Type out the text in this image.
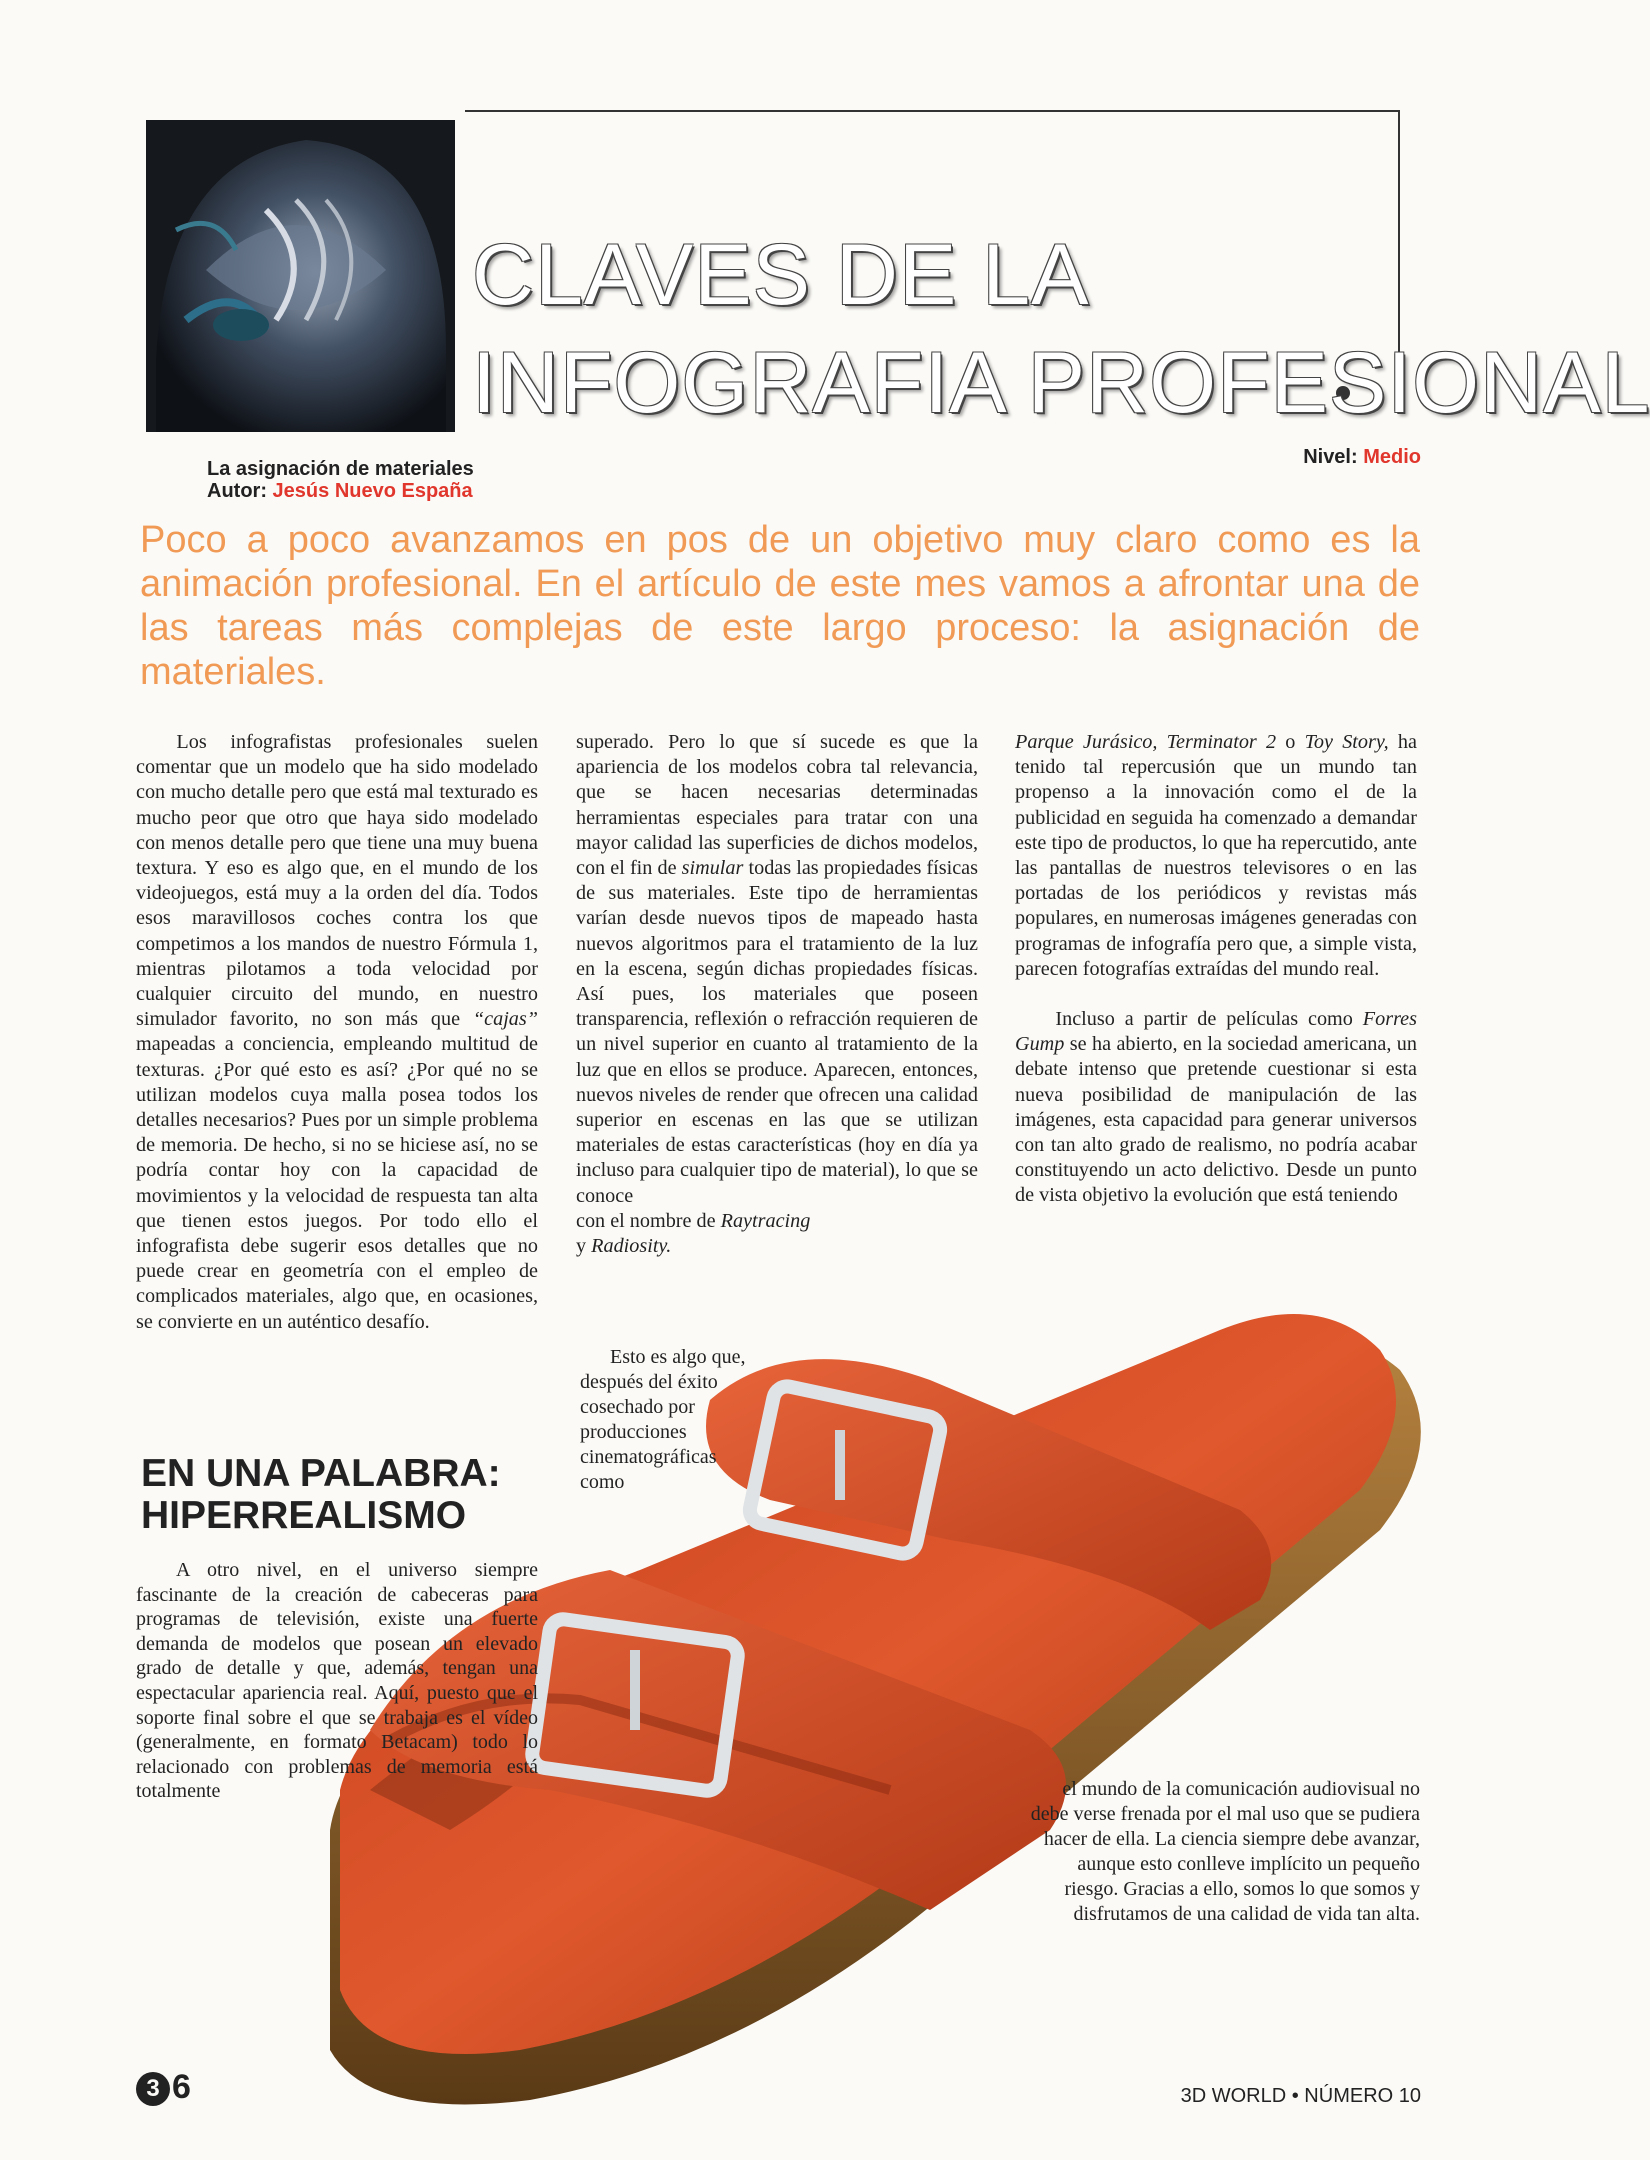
CLAVES DE LA
INFOGRAFIA PROFESIONAL
La asignación de materiales
Autor: Jesús Nuevo España
Nivel: Medio
Poco a poco avanzamos en pos de un objetivo muy claro como es la animación profesional. En el artículo de este mes vamos a afrontar una de las tareas más complejas de este largo proceso: la asignación de materiales.

Los infografistas profesionales suelen comentar que un modelo que ha sido modelado con mucho detalle pero que está mal texturado es mucho peor que otro que haya sido modelado con menos detalle pero que tiene una muy buena textura. Y eso es algo que, en el mundo de los videojuegos, está muy a la orden del día. Todos esos maravillosos coches contra los que competimos a los mandos de nuestro Fórmula 1, mientras pilotamos a toda velocidad por cualquier circuito del mundo, en nuestro simulador favorito, no son más que “cajas” mapeadas a conciencia, empleando multitud de texturas. ¿Por qué esto es así? ¿Por qué no se utilizan modelos cuya malla posea todos los detalles necesarios? Pues por un simple problema de memoria. De hecho, si no se hiciese así, no se podría contar hoy con la capacidad de movimientos y la velocidad de respuesta tan alta que tienen estos juegos. Por todo ello el infografista debe sugerir esos detalles que no puede crear en geometría con el empleo de complicados materiales, algo que, en ocasiones, se convierte en un auténtico desafío.

EN UNA PALABRA:
HIPERREALISMO
A otro nivel, en el universo siempre fascinante de la creación de cabeceras para programas de televisión, existe una fuerte demanda de modelos que posean un elevado grado de detalle y que, además, tengan una espectacular apariencia real. Aquí, puesto que el soporte final sobre el que se trabaja es el vídeo (generalmente, en formato Betacam) todo lo relacionado con problemas de memoria está totalmente

superado. Pero lo que sí sucede es que la apariencia de los modelos cobra tal relevancia, que se hacen necesarias determinadas herramientas especiales para tratar con una mayor calidad las superficies de dichos modelos, con el fin de simular todas las propiedades físicas de sus materiales. Este tipo de herramientas varían desde nuevos tipos de mapeado hasta nuevos algoritmos para el tratamiento de la luz en la escena, según dichas propiedades físicas. Así pues, los materiales que poseen transparencia, reflexión o refracción requieren de un nivel superior en cuanto al tratamiento de la luz que en ellos se produce. Aparecen, entonces, nuevos niveles de render que ofrecen una calidad superior en escenas en las que se utilizan materiales de estas características (hoy en día ya incluso para cualquier tipo de material), lo que se conoce

con el nombre de Raytracing

y Radiosity.

Esto es algo que, después del éxito cosechado por producciones cinematográficas como

Parque Jurásico, Terminator 2 o Toy Story, ha tenido tal repercusión que un mundo tan propenso a la innovación como el de la publicidad en seguida ha comenzado a demandar este tipo de productos, lo que ha repercutido, ante las pantallas de nuestros televisores o en las portadas de los periódicos y revistas más populares, en numerosas imágenes generadas con programas de infografía pero que, a simple vista, parecen fotografías extraídas del mundo real.

Incluso a partir de películas como Forres Gump se ha abierto, en la sociedad americana, un debate intenso que pretende cuestionar si esta nueva posibilidad de manipulación de las imágenes, esta capacidad para generar universos con tan alto grado de realismo, no podría acabar constituyendo un acto delictivo. Desde un punto de vista objetivo la evolución que está teniendo

el mundo de la comunicación audiovisual no debe verse frenada por el mal uso que se pudiera hacer de ella. La ciencia siempre debe avanzar, aunque esto conlleve implícito un pequeño riesgo. Gracias a ello, somos lo que somos y disfrutamos de una calidad de vida tan alta.
3 6	3D WORLD • NÚMERO 10
